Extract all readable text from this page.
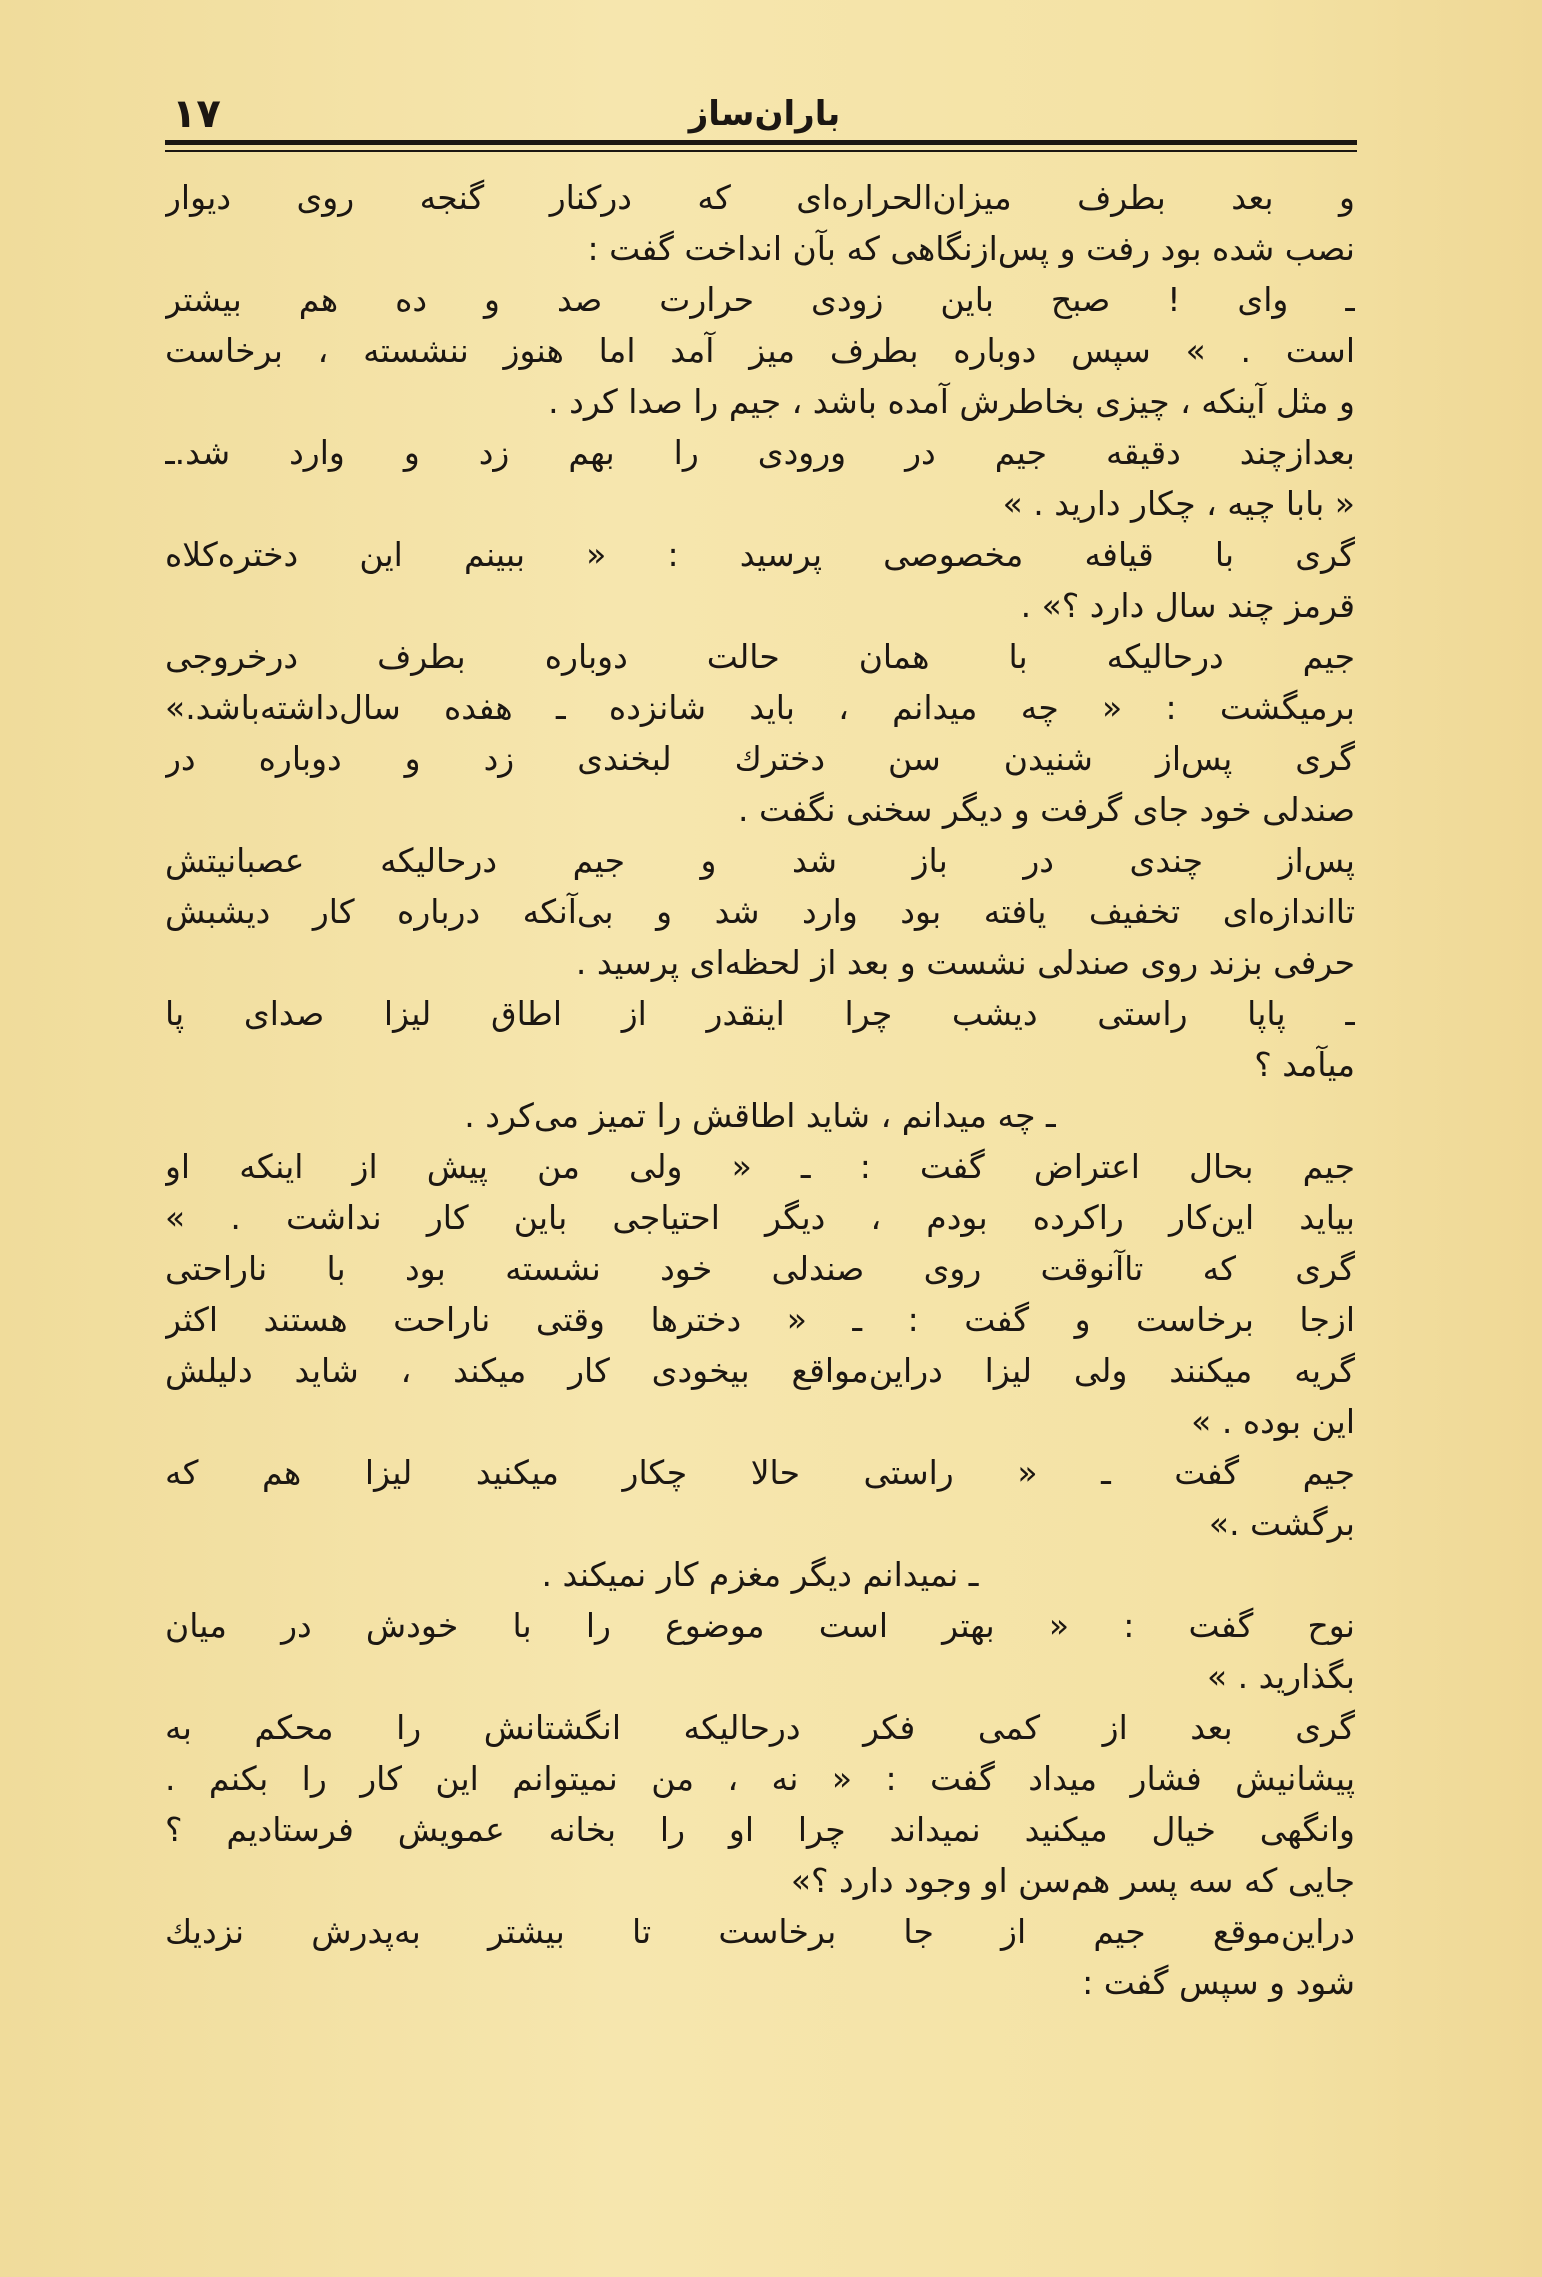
۱۷	باران‌ساز
و بعد بطرف میزان‌الحراره‌ای که درکنار گنجه روی دیوار
نصب شده بود رفت و پس‌ازنگاهی که بآن انداخت گفت :
ـ وای ! صبح باین زودی حرارت صد و ده هم بیشتر
است . » سپس دوباره بطرف میز آمد اما هنوز ننشسته ، برخاست
و مثل آینکه ، چیزی بخاطرش آمده باشد ، جیم را صدا کرد .
بعدازچند دقیقه جیم در ورودی را بهم زد و وارد شد.ـ
« بابا چیه ، چکار دارید . »
گری با قیافه مخصوصی پرسید : « ببینم این دختره‌کلاه
قرمز چند سال دارد ؟» .
جیم درحالیکه با همان حالت دوباره بطرف درخروجی
برمیگشت : « چه میدانم ، باید شانزده ـ هفده سال‌داشته‌باشد.»
گری پس‌از شنیدن سن دخترك لبخندی زد و دوباره در
صندلی خود جای گرفت و دیگر سخنی نگفت .
پس‌از چندی در باز شد و جیم درحالیکه عصبانیتش
تااندازه‌ای تخفیف یافته بود وارد شد و بی‌آنکه درباره کار دیشبش
حرفی بزند روی صندلی نشست و بعد از لحظه‌ای پرسید .
ـ پاپا راستی دیشب چرا اینقدر از اطاق لیزا صدای پا
میآمد ؟
ـ چه میدانم ، شاید اطاقش را تمیز می‌کرد .
جیم بحال اعتراض گفت : ـ « ولی من پیش از اینکه او
بیاید این‌کار راکرده بودم ، دیگر احتیاجی باین کار نداشت . »
گری که تاآنوقت روی صندلی خود نشسته بود با ناراحتی
ازجا برخاست و گفت : ـ « دخترها وقتی ناراحت هستند اکثر
گریه میکنند ولی لیزا دراین‌مواقع بیخودی کار میکند ، شاید دلیلش
این بوده . »
جیم گفت ـ « راستی حالا چکار میکنید لیزا هم که
برگشت .»
ـ نمیدانم دیگر مغزم کار نمیکند .
نوح گفت : « بهتر است موضوع را با خودش در میان
بگذارید . »
گری بعد از کمی فکر درحالیکه انگشتانش را محکم به
پیشانیش فشار میداد گفت : « نه ، من نمیتوانم این کار را بکنم .
وانگهی خیال میکنید نمیداند چرا او را بخانه عمویش فرستادیم ؟
جایی که سه پسر هم‌سن او وجود دارد ؟»
دراین‌موقع جیم از جا برخاست تا بیشتر به‌پدرش نزدیك
شود و سپس گفت :
